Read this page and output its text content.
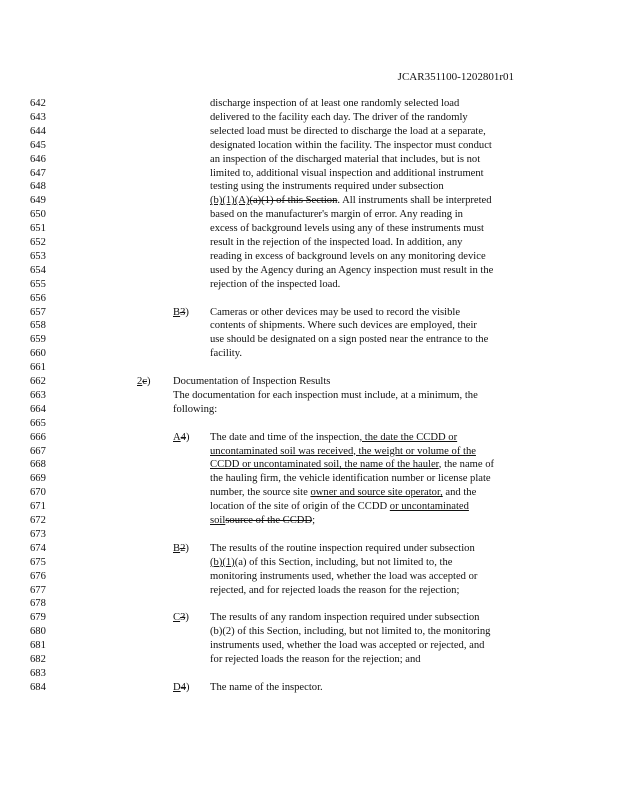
JCAR351100-1202801r01
642	discharge inspection of at least one randomly selected load
643	delivered to the facility each day. The driver of the randomly
644	selected load must be directed to discharge the load at a separate,
645	designated location within the facility. The inspector must conduct
646	an inspection of the discharged material that includes, but is not
647	limited to, additional visual inspection and additional instrument
648	testing using the instruments required under subsection
649	(b)(1)(A)(a)(1) of this Section. All instruments shall be interpreted
650	based on the manufacturer's margin of error. Any reading in
651	excess of background levels using any of these instruments must
652	result in the rejection of the inspected load. In addition, any
653	reading in excess of background levels on any monitoring device
654	used by the Agency during an Agency inspection must result in the
655	rejection of the inspected load.
656
657	B3) Cameras or other devices may be used to record the visible
658	contents of shipments. Where such devices are employed, their
659	use should be designated on a sign posted near the entrance to the
660	facility.
661
662	2c) Documentation of Inspection Results
663	The documentation for each inspection must include, at a minimum, the
664	following:
665
666	A4) The date and time of the inspection, the date the CCDD or
667	uncontaminated soil was received, the weight or volume of the
668	CCDD or uncontaminated soil, the name of the hauler, the name of
669	the hauling firm, the vehicle identification number or license plate
670	number, the source site owner and source site operator, and the
671	location of the site of origin of the CCDD or uncontaminated
672	soilsource of the CCDD;
673
674	B2) The results of the routine inspection required under subsection
675	(b)(1)(a) of this Section, including, but not limited to, the
676	monitoring instruments used, whether the load was accepted or
677	rejected, and for rejected loads the reason for the rejection;
678
679	C3) The results of any random inspection required under subsection
680	(b)(2) of this Section, including, but not limited to, the monitoring
681	instruments used, whether the load was accepted or rejected, and
682	for rejected loads the reason for the rejection; and
683
684	D4) The name of the inspector.
